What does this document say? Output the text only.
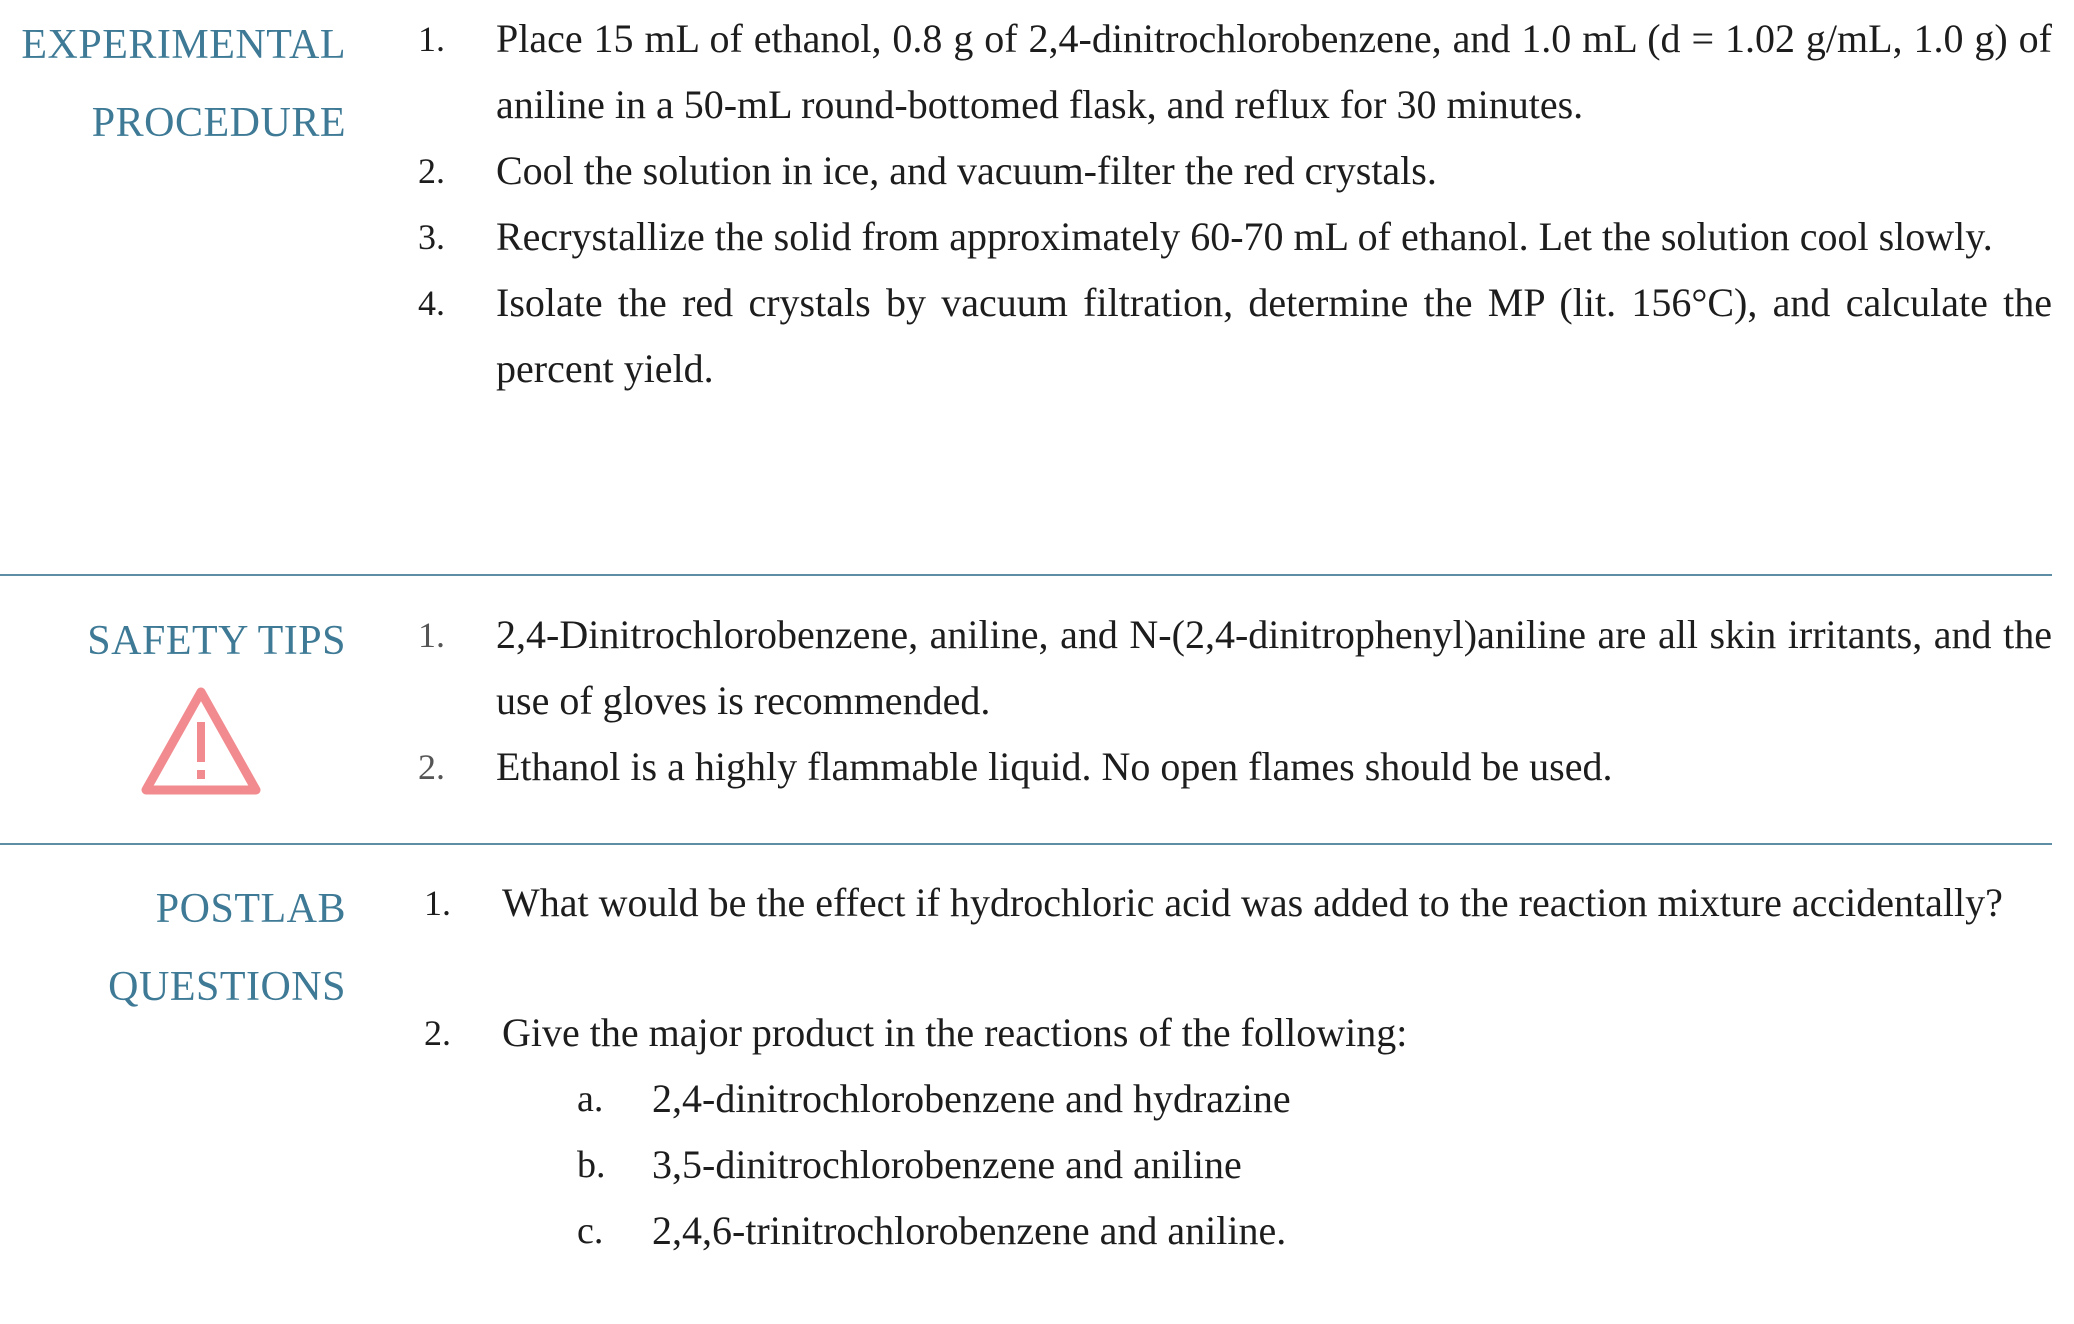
EXPERIMENTAL
PROCEDURE
1.	Place 15 mL of ethanol, 0.8 g of 2,4-dinitrochlorobenzene, and 1.0 mL (d = 1.02 g/mL, 1.0 g) of aniline in a 50-mL round-bottomed flask, and reflux for 30 minutes.
2.	Cool the solution in ice, and vacuum-filter the red crystals.
3.	Recrystallize the solid from approximately 60-70 mL of ethanol. Let the solution cool slowly.
4.	Isolate the red crystals by vacuum filtration, determine the MP (lit. 156°C), and calculate the percent yield.
SAFETY TIPS 1.	2,4-Dinitrochlorobenzene, aniline, and N-(2,4-dinitrophenyl)aniline are all skin irritants, and the use of gloves is recommended.
2.	Ethanol is a highly flammable liquid. No open flames should be used.
POSTLAB
QUESTIONS
1.	What would be the effect if hydrochloric acid was added to the reaction mixture accidentally?
2.	Give the major product in the reactions of the following:
a.	2,4-dinitrochlorobenzene and hydrazine
b.	3,5-dinitrochlorobenzene and aniline
c.	2,4,6-trinitrochlorobenzene and aniline.
